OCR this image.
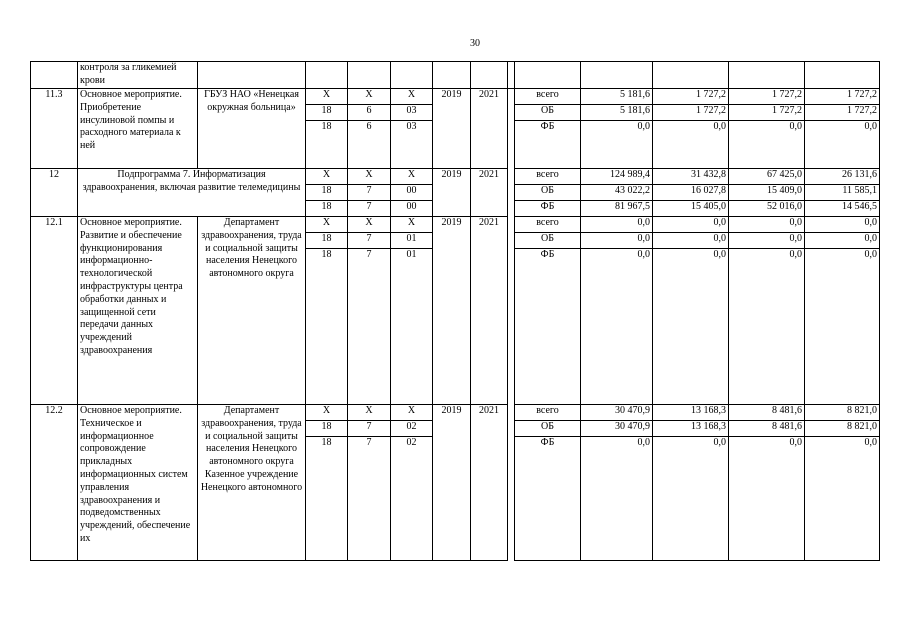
30
	контроля за гликемией крови												
11.3	Основное мероприятие. Приобретение инсулиновой помпы и расходного материала к ней	ГБУЗ НАО «Ненецкая окружная больница»	Х	Х	Х	2019	2021		всего	5 181,6	1 727,2	1 727,2	1 727,2
			18	6	03				ОБ	5 181,6	1 727,2	1 727,2	1 727,2
			18	6	03				ФБ	0,0	0,0	0,0	0,0
12	Подпрограмма 7. Информатизация здравоохранения, включая развитие телемедицины		Х	Х	Х	2019	2021		всего	124 989,4	31 432,8	67 425,0	26 131,6
			18	7	00				ОБ	43 022,2	16 027,8	15 409,0	11 585,1
			18	7	00				ФБ	81 967,5	15 405,0	52 016,0	14 546,5
12.1	Основное мероприятие. Развитие и обеспечение функционирования информационно-технологической инфраструктуры центра обработки данных и защищенной сети передачи данных учреждений здравоохранения	Департамент здравоохранения, труда и социальной защиты населения Ненецкого автономного округа	Х	Х	Х	2019	2021		всего	0,0	0,0	0,0	0,0
			18	7	01				ОБ	0,0	0,0	0,0	0,0
			18	7	01				ФБ	0,0	0,0	0,0	0,0
12.2	Основное мероприятие. Техническое и информационное сопровождение прикладных информационных систем управления здравоохранения и подведомственных учреждений, обеспечение их	Департамент здравоохранения, труда и социальной защиты населения Ненецкого автономного округа Казенное учреждение Ненецкого автономного	Х	Х	Х	2019	2021		всего	30 470,9	13 168,3	8 481,6	8 821,0
			18	7	02				ОБ	30 470,9	13 168,3	8 481,6	8 821,0
			18	7	02				ФБ	0,0	0,0	0,0	0,0
